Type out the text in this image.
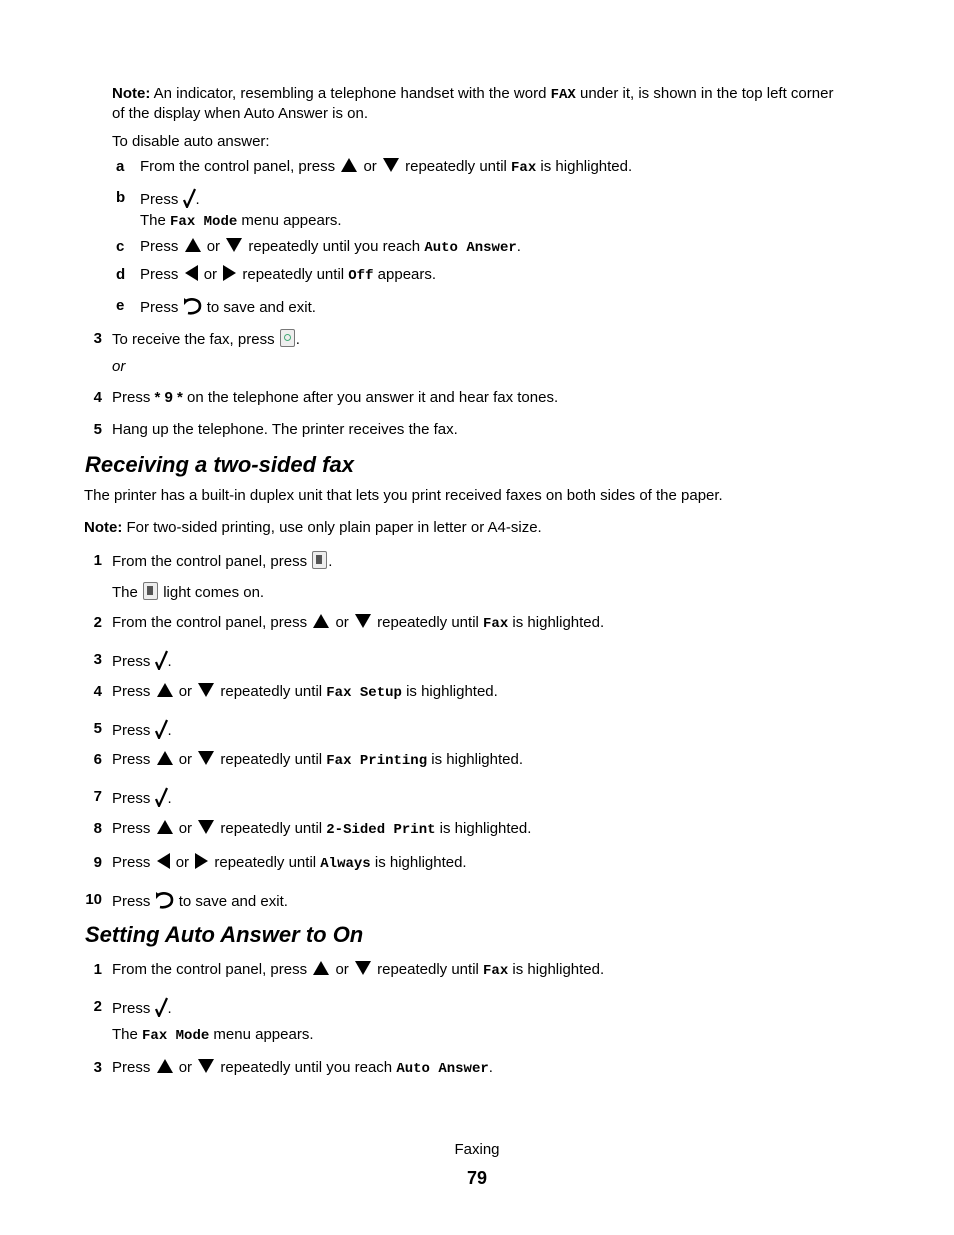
Note: An indicator, resembling a telephone handset with the word FAX under it, is shown in the top left corner
of the display when Auto Answer is on.
To disable auto answer:
a	From the control panel, press or repeatedly until Fax is highlighted.
b Press .
The Fax Mode menu appears.
c	Press or repeatedly until you reach Auto Answer.
d Press or repeatedly until Off appears.
e	Press to save and exit.
3 To receive the fax, press .
or
4 Press * 9 * on the telephone after you answer it and hear fax tones.
5 Hang up the telephone. The printer receives the fax.
Receiving a two-sided fax
The printer has a built-in duplex unit that lets you print received faxes on both sides of the paper.
Note: For two-sided printing, use only plain paper in letter or A4-size.
1 From the control panel, press .
The light comes on.
2 From the control panel, press or repeatedly until Fax is highlighted.
3 Press .
4 Press or repeatedly until Fax Setup is highlighted.
5 Press .
6 Press or repeatedly until Fax Printing is highlighted.
7 Press .
8 Press or repeatedly until 2-Sided Print is highlighted.
9 Press or repeatedly until Always is highlighted.
10 Press to save and exit.
Setting Auto Answer to On
1 From the control panel, press or repeatedly until Fax is highlighted.
2 Press .
The Fax Mode menu appears.
3 Press or repeatedly until you reach Auto Answer.
Faxing
79
